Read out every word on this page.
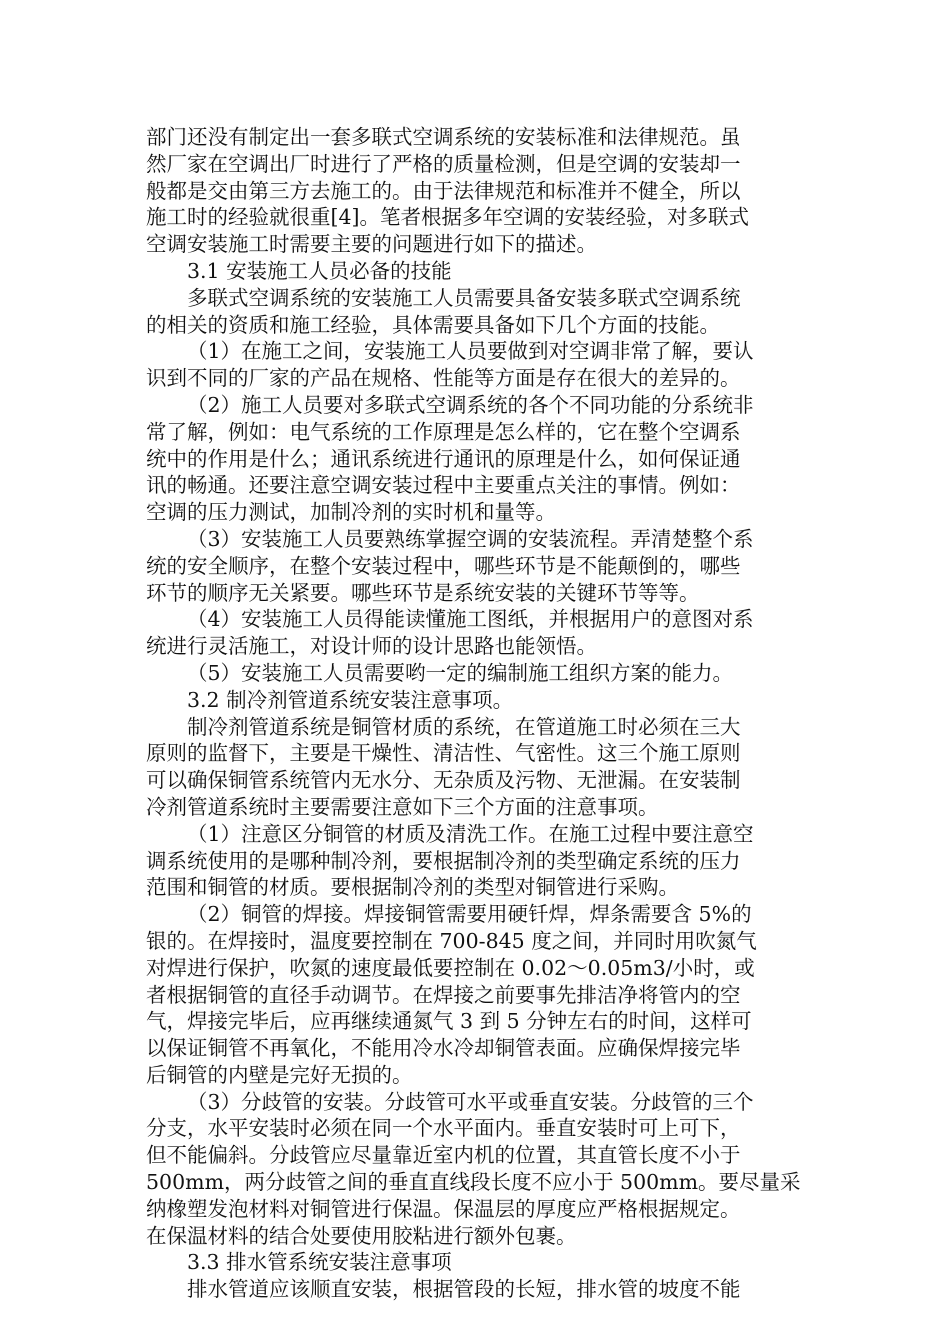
部门还没有制定出一套多联式空调系统的安装标准和法律规范。虽
然厂家在空调出厂时进行了严格的质量检测，但是空调的安装却一
般都是交由第三方去施工的。由于法律规范和标准并不健全，所以
施工时的经验就很重[4]。笔者根据多年空调的安装经验，对多联式
空调安装施工时需要主要的问题进行如下的描述。
3.1 安装施工人员必备的技能
多联式空调系统的安装施工人员需要具备安装多联式空调系统
的相关的资质和施工经验，具体需要具备如下几个方面的技能。
（1）在施工之间，安装施工人员要做到对空调非常了解，要认
识到不同的厂家的产品在规格、性能等方面是存在很大的差异的。
（2）施工人员要对多联式空调系统的各个不同功能的分系统非
常了解，例如：电气系统的工作原理是怎么样的，它在整个空调系
统中的作用是什么；通讯系统进行通讯的原理是什么，如何保证通
讯的畅通。还要注意空调安装过程中主要重点关注的事情。例如：
空调的压力测试，加制冷剂的实时机和量等。
（3）安装施工人员要熟练掌握空调的安装流程。弄清楚整个系
统的安全顺序，在整个安装过程中，哪些环节是不能颠倒的，哪些
环节的顺序无关紧要。哪些环节是系统安装的关键环节等等。
（4）安装施工人员得能读懂施工图纸，并根据用户的意图对系
统进行灵活施工，对设计师的设计思路也能领悟。
（5）安装施工人员需要哟一定的编制施工组织方案的能力。
3.2 制冷剂管道系统安装注意事项。
制冷剂管道系统是铜管材质的系统，在管道施工时必须在三大
原则的监督下，主要是干燥性、清洁性、气密性。这三个施工原则
可以确保铜管系统管内无水分、无杂质及污物、无泄漏。在安装制
冷剂管道系统时主要需要注意如下三个方面的注意事项。
（1）注意区分铜管的材质及清洗工作。在施工过程中要注意空
调系统使用的是哪种制冷剂，要根据制冷剂的类型确定系统的压力
范围和铜管的材质。要根据制冷剂的类型对铜管进行采购。
（2）铜管的焊接。焊接铜管需要用硬钎焊，焊条需要含 5%的
银的。在焊接时，温度要控制在 700-845 度之间，并同时用吹氮气
对焊进行保护，吹氮的速度最低要控制在 0.02～0.05m3/小时，或
者根据铜管的直径手动调节。在焊接之前要事先排洁净将管内的空
气，焊接完毕后，应再继续通氮气 3 到 5 分钟左右的时间，这样可
以保证铜管不再氧化，不能用冷水冷却铜管表面。应确保焊接完毕
后铜管的内壁是完好无损的。
（3）分歧管的安装。分歧管可水平或垂直安装。分歧管的三个
分支，水平安装时必须在同一个水平面内。垂直安装时可上可下，
但不能偏斜。分歧管应尽量靠近室内机的位置，其直管长度不小于
500mm，两分歧管之间的垂直直线段长度不应小于 500mm。要尽量采
纳橡塑发泡材料对铜管进行保温。保温层的厚度应严格根据规定。
在保温材料的结合处要使用胶粘进行额外包裹。
3.3 排水管系统安装注意事项
排水管道应该顺直安装，根据管段的长短，排水管的坡度不能
